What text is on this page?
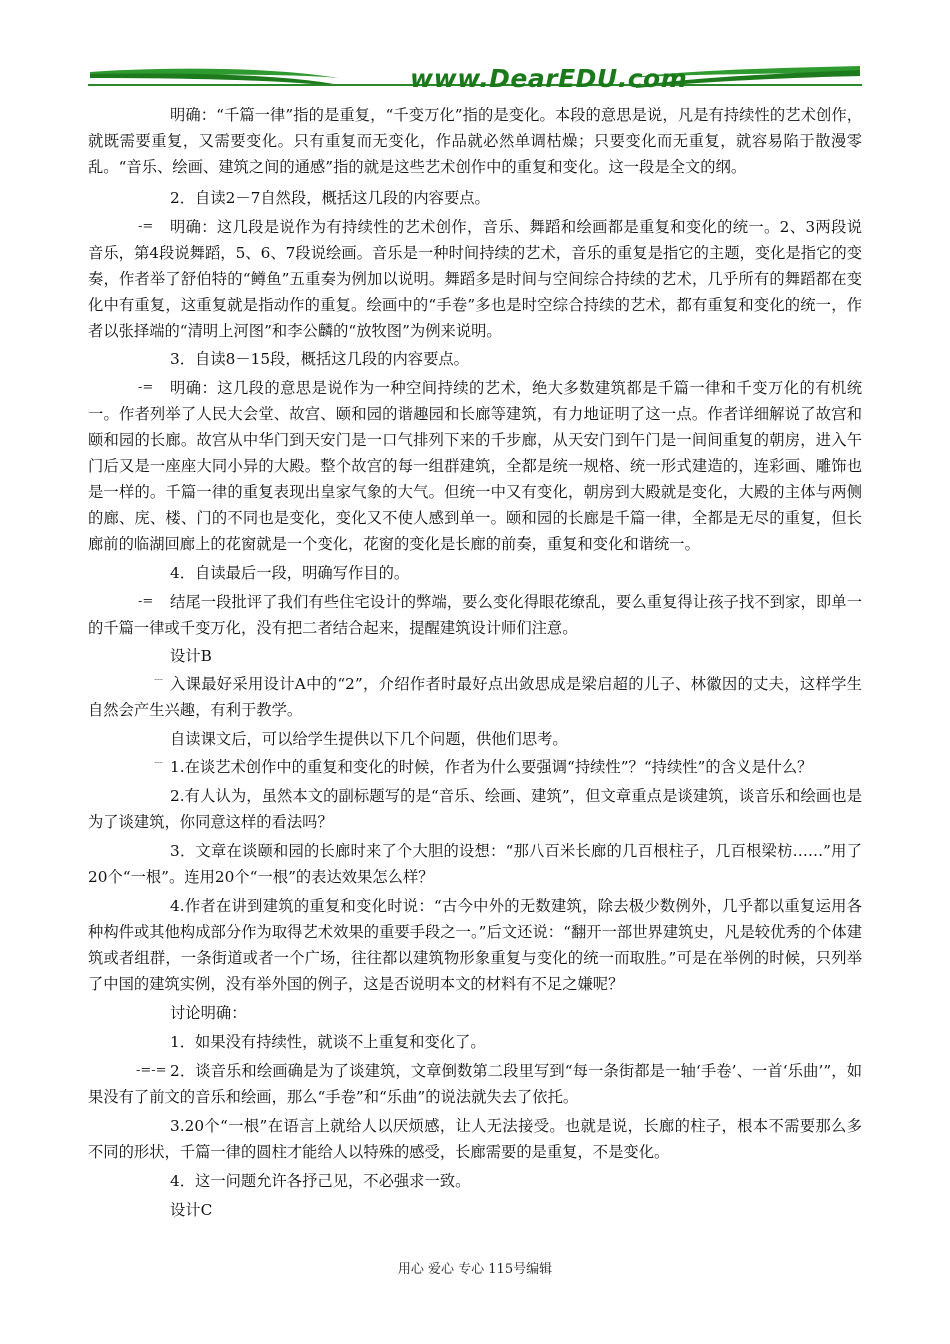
www.DearEDU.com

明确：“千篇一律”指的是重复，“千变万化”指的是变化。本段的意思是说，凡是有持续性的艺术创作，就既需要重复，又需要变化。只有重复而无变化，作品就必然单调枯燥；只要变化而无重复，就容易陷于散漫零乱。“音乐、绘画、建筑之间的通感”指的就是这些艺术创作中的重复和变化。这一段是全文的纲。

2．自读2－7自然段，概括这几段的内容要点。

-=	明确：这几段是说作为有持续性的艺术创作，音乐、舞蹈和绘画都是重复和变化的统一。2、3两段说音乐，第4段说舞蹈，5、6、7段说绘画。音乐是一种时间持续的艺术，音乐的重复是指它的主题，变化是指它的变奏，作者举了舒伯特的“鳟鱼”五重奏为例加以说明。舞蹈多是时间与空间综合持续的艺术，几乎所有的舞蹈都在变化中有重复，这重复就是指动作的重复。绘画中的“手卷”多也是时空综合持续的艺术，都有重复和变化的统一，作者以张择端的“清明上河图”和李公麟的“放牧图”为例来说明。

3．自读8－15段，概括这几段的内容要点。

-=	明确：这几段的意思是说作为一种空间持续的艺术，绝大多数建筑都是千篇一律和千变万化的有机统一。作者列举了人民大会堂、故宫、颐和园的谐趣园和长廊等建筑，有力地证明了这一点。作者详细解说了故宫和颐和园的长廊。故宫从中华门到天安门是一口气排列下来的千步廊，从天安门到午门是一间间重复的朝房，进入午门后又是一座座大同小异的大殿。整个故宫的每一组群建筑，全都是统一规格、统一形式建造的，连彩画、雕饰也是一样的。千篇一律的重复表现出皇家气象的大气。但统一中又有变化，朝房到大殿就是变化，大殿的主体与两侧的廊、庑、楼、门的不同也是变化，变化又不使人感到单一。颐和园的长廊是千篇一律，全都是无尽的重复，但长廊前的临湖回廊上的花窗就是一个变化，花窗的变化是长廊的前奏，重复和变化和谐统一。

4．自读最后一段，明确写作目的。

-=	结尾一段批评了我们有些住宅设计的弊端，要么变化得眼花缭乱，要么重复得让孩子找不到家，即单一的千篇一律或千变万化，没有把二者结合起来，提醒建筑设计师们注意。

设计B

﹍ 入课最好采用设计A中的“2”，介绍作者时最好点出敛思成是梁启超的儿子、林徽因的丈夫，这样学生自然会产生兴趣，有利于教学。

自读课文后，可以给学生提供以下几个问题，供他们思考。

﹍ 1.在谈艺术创作中的重复和变化的时候，作者为什么要强调“持续性”？“持续性”的含义是什么？

2.有人认为，虽然本文的副标题写的是“音乐、绘画、建筑”，但文章重点是谈建筑，谈音乐和绘画也是为了谈建筑，你同意这样的看法吗？

3．文章在谈颐和园的长廊时来了个大胆的设想：“那八百米长廊的几百根柱子，几百根梁枋……”用了20个“一根”。连用20个“一根”的表达效果怎么样？

4.作者在讲到建筑的重复和变化时说：“古今中外的无数建筑，除去极少数例外，几乎都以重复运用各种构件或其他构成部分作为取得艺术效果的重要手段之一。”后文还说：“翻开一部世界建筑史，凡是较优秀的个体建筑或者组群，一条街道或者一个广场，往往都以建筑物形象重复与变化的统一而取胜。”可是在举例的时候，只列举了中国的建筑实例，没有举外国的例子，这是否说明本文的材料有不足之嫌呢？

讨论明确：

1．如果没有持续性，就谈不上重复和变化了。

-=-= 2．谈音乐和绘画确是为了谈建筑，文章倒数第二段里写到“每一条街都是一轴‘手卷’、一首‘乐曲’”，如果没有了前文的音乐和绘画，那么“手卷”和“乐曲”的说法就失去了依托。

3.20个“一根”在语言上就给人以厌烦感，让人无法接受。也就是说，长廊的柱子，根本不需要那么多不同的形状，千篇一律的圆柱才能给人以特殊的感受，长廊需要的是重复，不是变化。

4．这一问题允许各抒己见，不必强求一致。

设计C

用心 爱心 专心 115号编辑
